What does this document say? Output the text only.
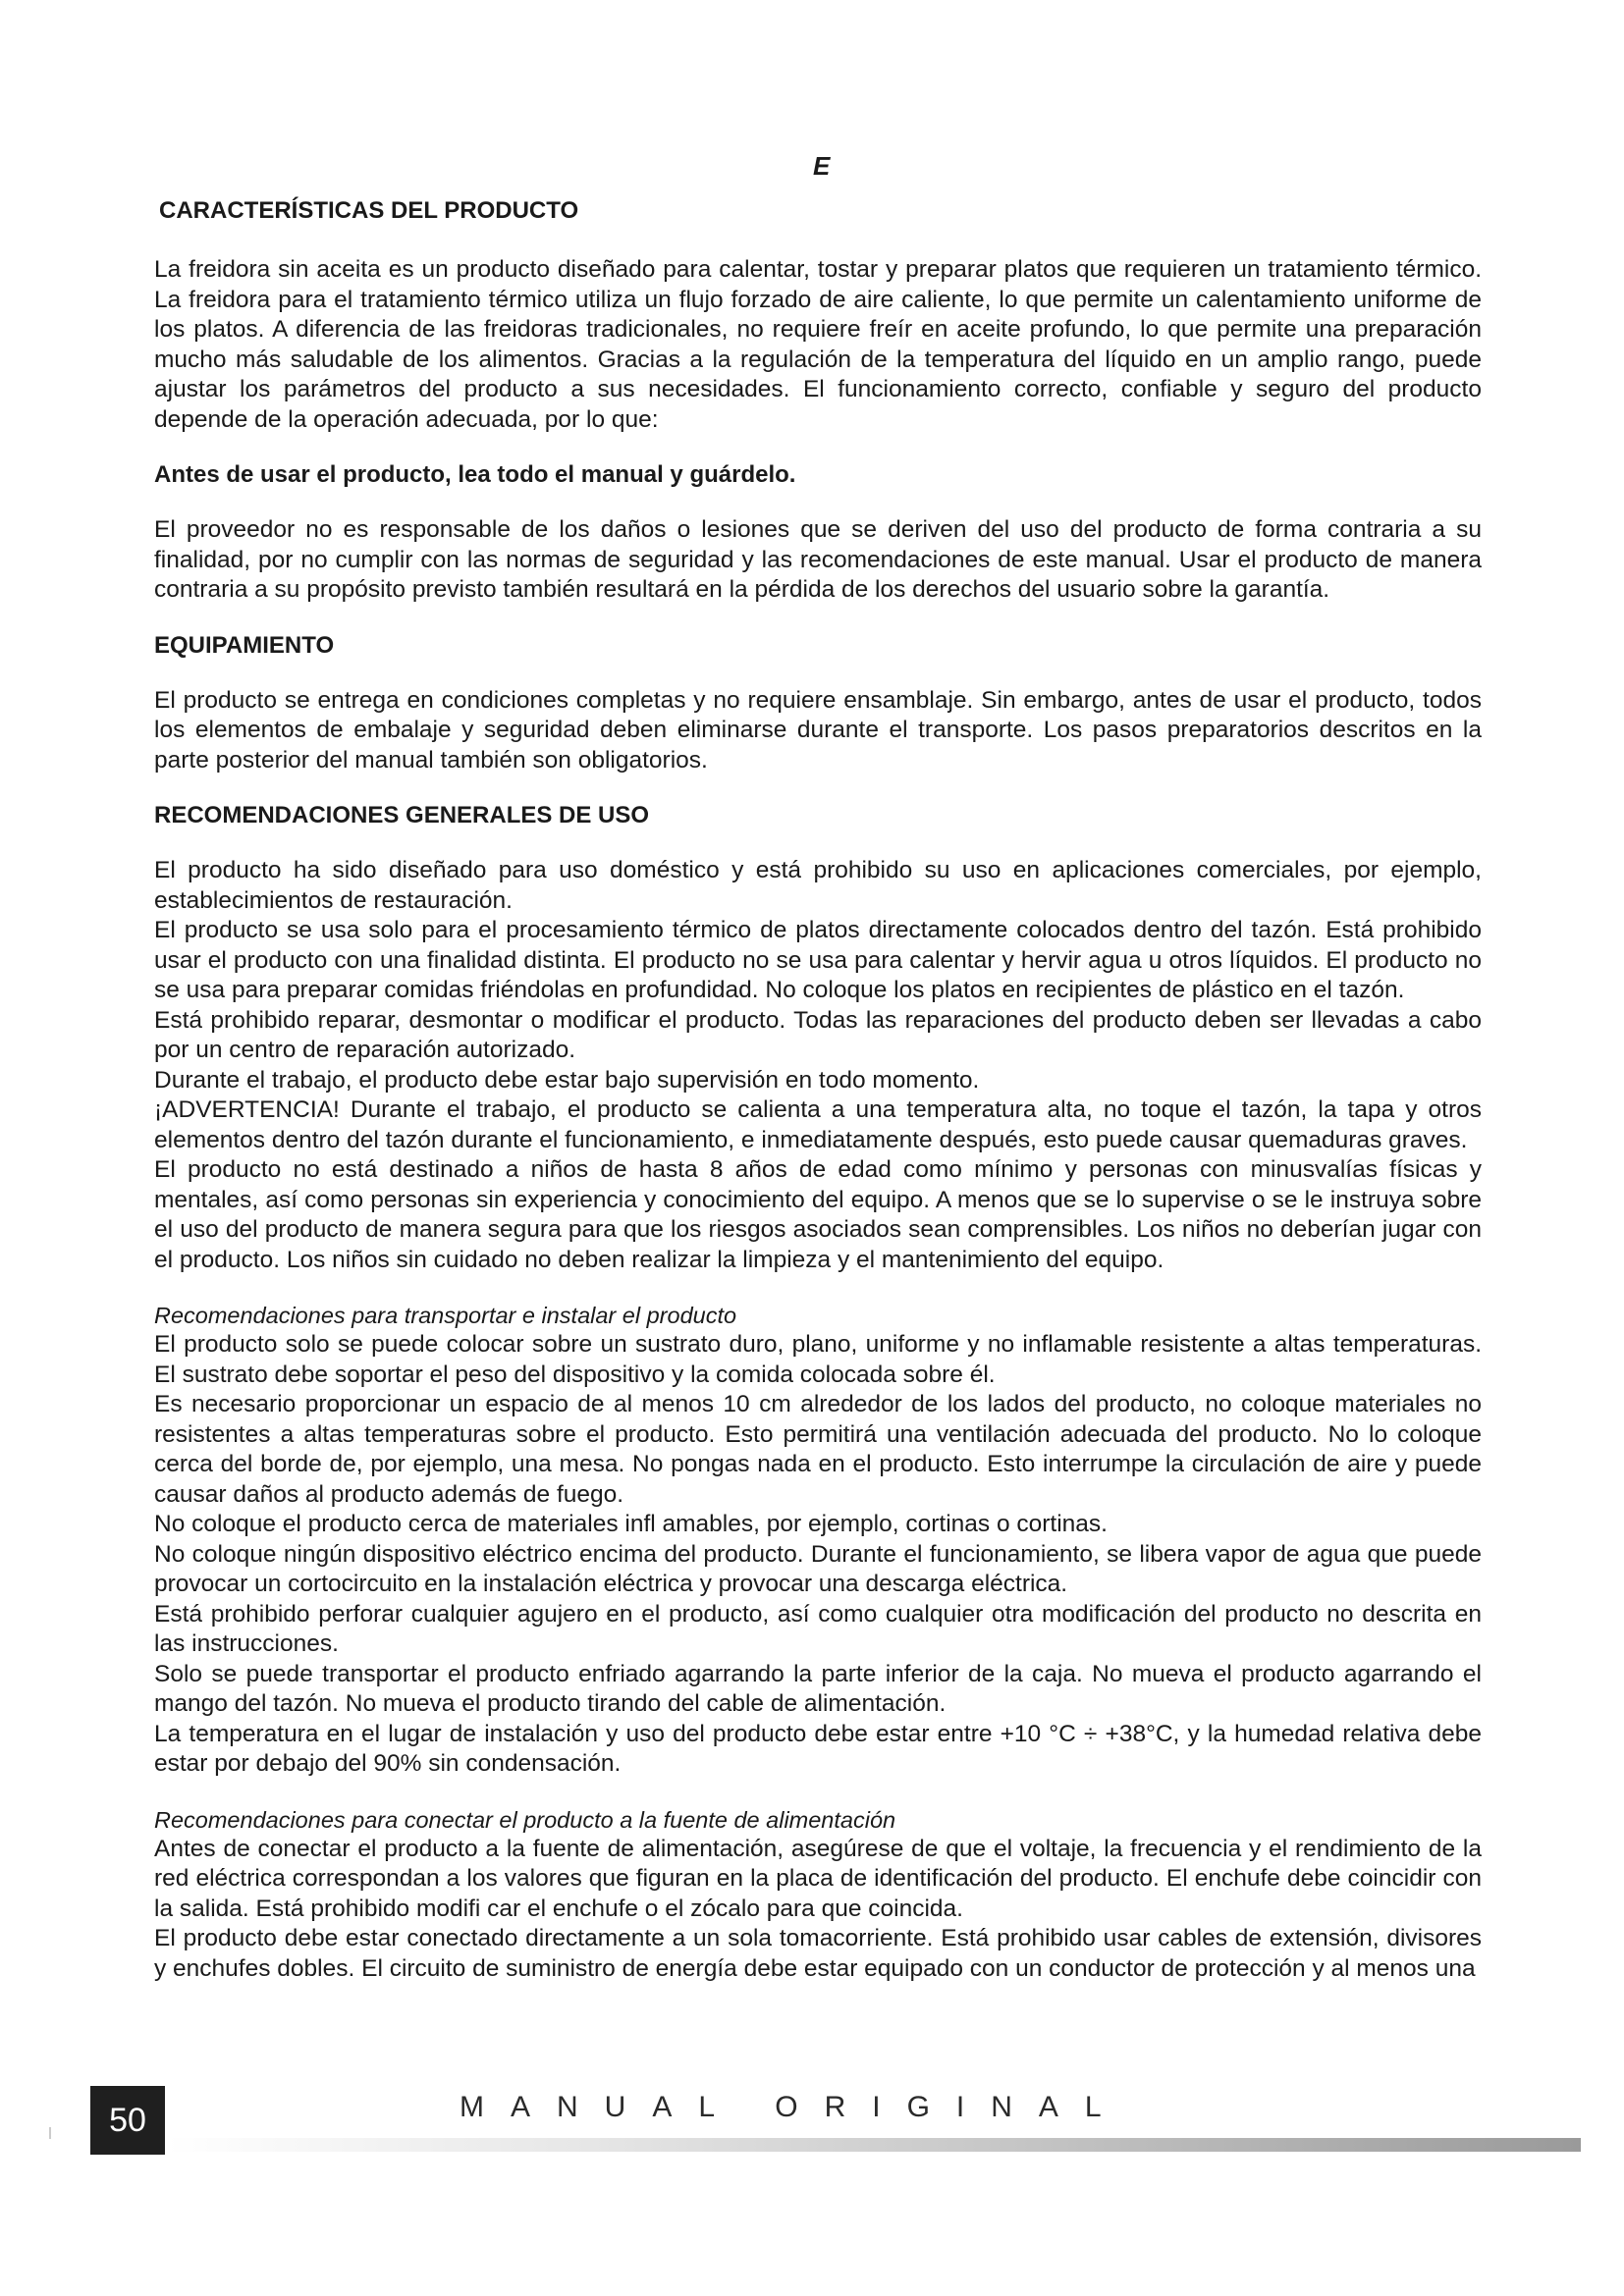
E
CARACTERÍSTICAS DEL PRODUCTO

La freidora sin aceita es un producto diseñado para calentar, tostar y preparar platos que requieren un tratamiento térmico. La freidora para el tratamiento térmico utiliza un flujo forzado de aire caliente, lo que permite un calentamiento uniforme de los platos. A diferencia de las freidoras tradicionales, no requiere freír en aceite profundo, lo que permite una preparación mucho más saludable de los alimentos. Gracias a la regulación de la temperatura del líquido en un amplio rango, puede ajustar los parámetros del producto a sus necesidades. El funcionamiento correcto, confiable y seguro del producto depende de la operación adecuada, por lo que:

Antes de usar el producto, lea todo el manual y guárdelo.

El proveedor no es responsable de los daños o lesiones que se deriven del uso del producto de forma contraria a su finalidad, por no cumplir con las normas de seguridad y las recomendaciones de este manual. Usar el producto de manera contraria a su propósito previsto también resultará en la pérdida de los derechos del usuario sobre la garantía.

EQUIPAMIENTO

El producto se entrega en condiciones completas y no requiere ensamblaje. Sin embargo, antes de usar el producto, todos los elementos de embalaje y seguridad deben eliminarse durante el transporte. Los pasos preparatorios descritos en la parte posterior del manual también son obligatorios.

RECOMENDACIONES GENERALES DE USO

El producto ha sido diseñado para uso doméstico y está prohibido su uso en aplicaciones comerciales, por ejemplo, establecimientos de restauración.

El producto se usa solo para el procesamiento térmico de platos directamente colocados dentro del tazón. Está prohibido usar el producto con una finalidad distinta. El producto no se usa para calentar y hervir agua u otros líquidos. El producto no se usa para preparar comidas friéndolas en profundidad. No coloque los platos en recipientes de plástico en el tazón.

Está prohibido reparar, desmontar o modificar el producto. Todas las reparaciones del producto deben ser llevadas a cabo por un centro de reparación autorizado.

Durante el trabajo, el producto debe estar bajo supervisión en todo momento.

¡ADVERTENCIA! Durante el trabajo, el producto se calienta a una temperatura alta, no toque el tazón, la tapa y otros elementos dentro del tazón durante el funcionamiento, e inmediatamente después, esto puede causar quemaduras graves.

El producto no está destinado a niños de hasta 8 años de edad como mínimo y personas con minusvalías físicas y mentales, así como personas sin experiencia y conocimiento del equipo. A menos que se lo supervise o se le instruya sobre el uso del producto de manera segura para que los riesgos asociados sean comprensibles. Los niños no deberían jugar con el producto. Los niños sin cuidado no deben realizar la limpieza y el mantenimiento del equipo.

Recomendaciones para transportar e instalar el producto

El producto solo se puede colocar sobre un sustrato duro, plano, uniforme y no inflamable resistente a altas temperaturas. El sustrato debe soportar el peso del dispositivo y la comida colocada sobre él.

Es necesario proporcionar un espacio de al menos 10 cm alrededor de los lados del producto, no coloque materiales no resistentes a altas temperaturas sobre el producto. Esto permitirá una ventilación adecuada del producto. No lo coloque cerca del borde de, por ejemplo, una mesa. No pongas nada en el producto. Esto interrumpe la circulación de aire y puede causar daños al producto además de fuego.

No coloque el producto cerca de materiales infl amables, por ejemplo, cortinas o cortinas.

No coloque ningún dispositivo eléctrico encima del producto. Durante el funcionamiento, se libera vapor de agua que puede provocar un cortocircuito en la instalación eléctrica y provocar una descarga eléctrica.

Está prohibido perforar cualquier agujero en el producto, así como cualquier otra modificación del producto no descrita en las instrucciones.

Solo se puede transportar el producto enfriado agarrando la parte inferior de la caja. No mueva el producto agarrando el mango del tazón. No mueva el producto tirando del cable de alimentación.

La temperatura en el lugar de instalación y uso del producto debe estar entre +10 °C ÷ +38°C, y la humedad relativa debe estar por debajo del 90% sin condensación.

Recomendaciones para conectar el producto a la fuente de alimentación

Antes de conectar el producto a la fuente de alimentación, asegúrese de que el voltaje, la frecuencia y el rendimiento de la red eléctrica correspondan a los valores que figuran en la placa de identificación del producto. El enchufe debe coincidir con la salida. Está prohibido modifi car el enchufe o el zócalo para que coincida.

El producto debe estar conectado directamente a un sola tomacorriente. Está prohibido usar cables de extensión, divisores y enchufes dobles. El circuito de suministro de energía debe estar equipado con un conductor de protección y al menos una

50	MANUAL ORIGINAL
